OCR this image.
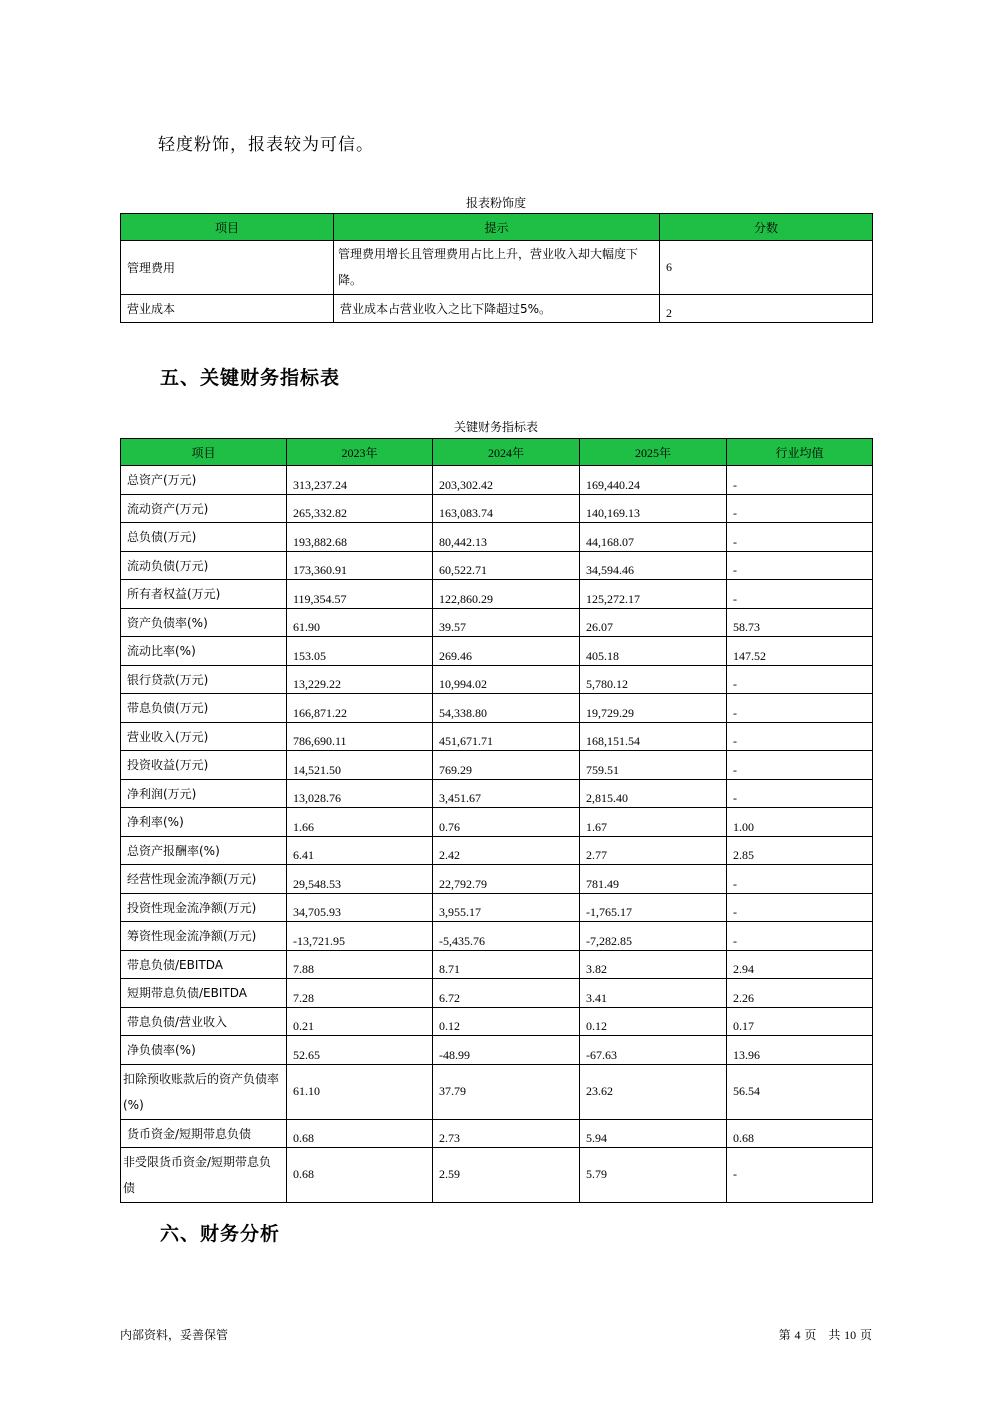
轻度粉饰，报表较为可信。
报表粉饰度
项目	提示	分数
管理费用	管理费用增长且管理费用占比上升，营业收入却大幅度下降。	6
营业成本	营业成本占营业收入之比下降超过5%。	2
五、关键财务指标表
关键财务指标表
项目	2023年	2024年	2025年	行业均值
总资产(万元)	313,237.24	203,302.42	169,440.24	-
流动资产(万元)	265,332.82	163,083.74	140,169.13	-
总负债(万元)	193,882.68	80,442.13	44,168.07	-
流动负债(万元)	173,360.91	60,522.71	34,594.46	-
所有者权益(万元)	119,354.57	122,860.29	125,272.17	-
资产负债率(%)	61.90	39.57	26.07	58.73
流动比率(%)	153.05	269.46	405.18	147.52
银行贷款(万元)	13,229.22	10,994.02	5,780.12	-
带息负债(万元)	166,871.22	54,338.80	19,729.29	-
营业收入(万元)	786,690.11	451,671.71	168,151.54	-
投资收益(万元)	14,521.50	769.29	759.51	-
净利润(万元)	13,028.76	3,451.67	2,815.40	-
净利率(%)	1.66	0.76	1.67	1.00
总资产报酬率(%)	6.41	2.42	2.77	2.85
经营性现金流净额(万元)	29,548.53	22,792.79	781.49	-
投资性现金流净额(万元)	34,705.93	3,955.17	-1,765.17	-
筹资性现金流净额(万元)	-13,721.95	-5,435.76	-7,282.85	-
带息负债/EBITDA	7.88	8.71	3.82	2.94
短期带息负债/EBITDA	7.28	6.72	3.41	2.26
带息负债/营业收入	0.21	0.12	0.12	0.17
净负债率(%)	52.65	-48.99	-67.63	13.96
扣除预收账款后的资产负债率(%)	61.10	37.79	23.62	56.54
货币资金/短期带息负债	0.68	2.73	5.94	0.68
非受限货币资金/短期带息负债	0.68	2.59	5.79	-
六、财务分析
内部资料，妥善保管	第 4 页　共 10 页
